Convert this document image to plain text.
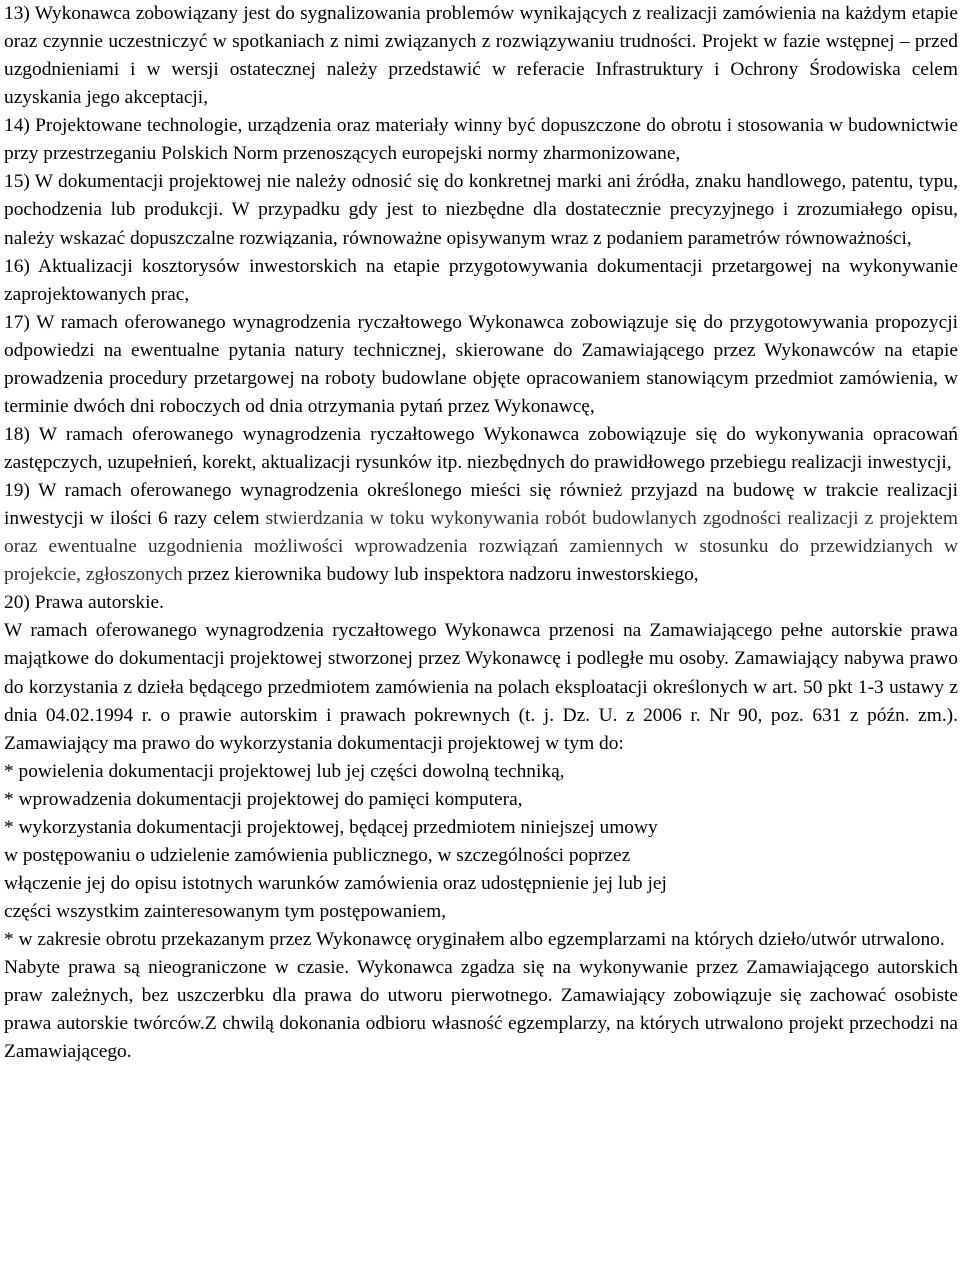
13) Wykonawca zobowiązany jest do sygnalizowania problemów wynikających z realizacji zamówienia na każdym etapie oraz czynnie uczestniczyć w spotkaniach z nimi związanych z rozwiązywaniu trudności. Projekt w fazie wstępnej – przed uzgodnieniami i w wersji ostatecznej należy przedstawić w referacie Infrastruktury i Ochrony Środowiska celem uzyskania jego akceptacji,

14) Projektowane technologie, urządzenia oraz materiały winny być dopuszczone do obrotu i stosowania w budownictwie przy przestrzeganiu Polskich Norm przenoszących europejski normy zharmonizowane,

15) W dokumentacji projektowej nie należy odnosić się do konkretnej marki ani źródła, znaku handlowego, patentu, typu, pochodzenia lub produkcji. W przypadku gdy jest to niezbędne dla dostatecznie precyzyjnego i zrozumiałego opisu, należy wskazać dopuszczalne rozwiązania, równoważne opisywanym wraz z podaniem parametrów równoważności,

16) Aktualizacji kosztorysów inwestorskich na etapie przygotowywania dokumentacji przetargowej na wykonywanie zaprojektowanych prac,

17) W ramach oferowanego wynagrodzenia ryczałtowego Wykonawca zobowiązuje się do przygotowywania propozycji odpowiedzi na ewentualne pytania natury technicznej, skierowane do Zamawiającego przez Wykonawców na etapie prowadzenia procedury przetargowej na roboty budowlane objęte opracowaniem stanowiącym przedmiot zamówienia, w terminie dwóch dni roboczych od dnia otrzymania pytań przez Wykonawcę,

18) W ramach oferowanego wynagrodzenia ryczałtowego Wykonawca zobowiązuje się do wykonywania opracowań zastępczych, uzupełnień, korekt, aktualizacji rysunków itp. niezbędnych do prawidłowego przebiegu realizacji inwestycji,

19) W ramach oferowanego wynagrodzenia określonego mieści się również przyjazd na budowę w trakcie realizacji inwestycji w ilości 6 razy celem stwierdzania w toku wykonywania robót budowlanych zgodności realizacji z projektem oraz ewentualne uzgodnienia możliwości wprowadzenia rozwiązań zamiennych w stosunku do przewidzianych w projekcie, zgłoszonych przez kierownika budowy lub inspektora nadzoru inwestorskiego,

20) Prawa autorskie.

W ramach oferowanego wynagrodzenia ryczałtowego Wykonawca przenosi na Zamawiającego pełne autorskie prawa majątkowe do dokumentacji projektowej stworzonej przez Wykonawcę i podległe mu osoby. Zamawiający nabywa prawo do korzystania z dzieła będącego przedmiotem zamówienia na polach eksploatacji określonych w art. 50 pkt 1-3 ustawy z dnia 04.02.1994 r. o prawie autorskim i prawach pokrewnych (t. j. Dz. U. z 2006 r. Nr 90, poz. 631 z późn. zm.). Zamawiający ma prawo do wykorzystania dokumentacji projektowej w tym do:

* powielenia dokumentacji projektowej lub jej części dowolną techniką,

* wprowadzenia dokumentacji projektowej do pamięci komputera,

* wykorzystania dokumentacji projektowej, będącej przedmiotem niniejszej umowy

w postępowaniu o udzielenie zamówienia publicznego, w szczególności poprzez

włączenie jej do opisu istotnych warunków zamówienia oraz udostępnienie jej lub jej

części wszystkim zainteresowanym tym postępowaniem,

* w zakresie obrotu przekazanym przez Wykonawcę oryginałem albo egzemplarzami na których dzieło/utwór utrwalono.

Nabyte prawa są nieograniczone w czasie. Wykonawca zgadza się na wykonywanie przez Zamawiającego autorskich praw zależnych, bez uszczerbku dla prawa do utworu pierwotnego. Zamawiający zobowiązuje się zachować osobiste prawa autorskie twórców.Z chwilą dokonania odbioru własność egzemplarzy, na których utrwalono projekt przechodzi na Zamawiającego.
